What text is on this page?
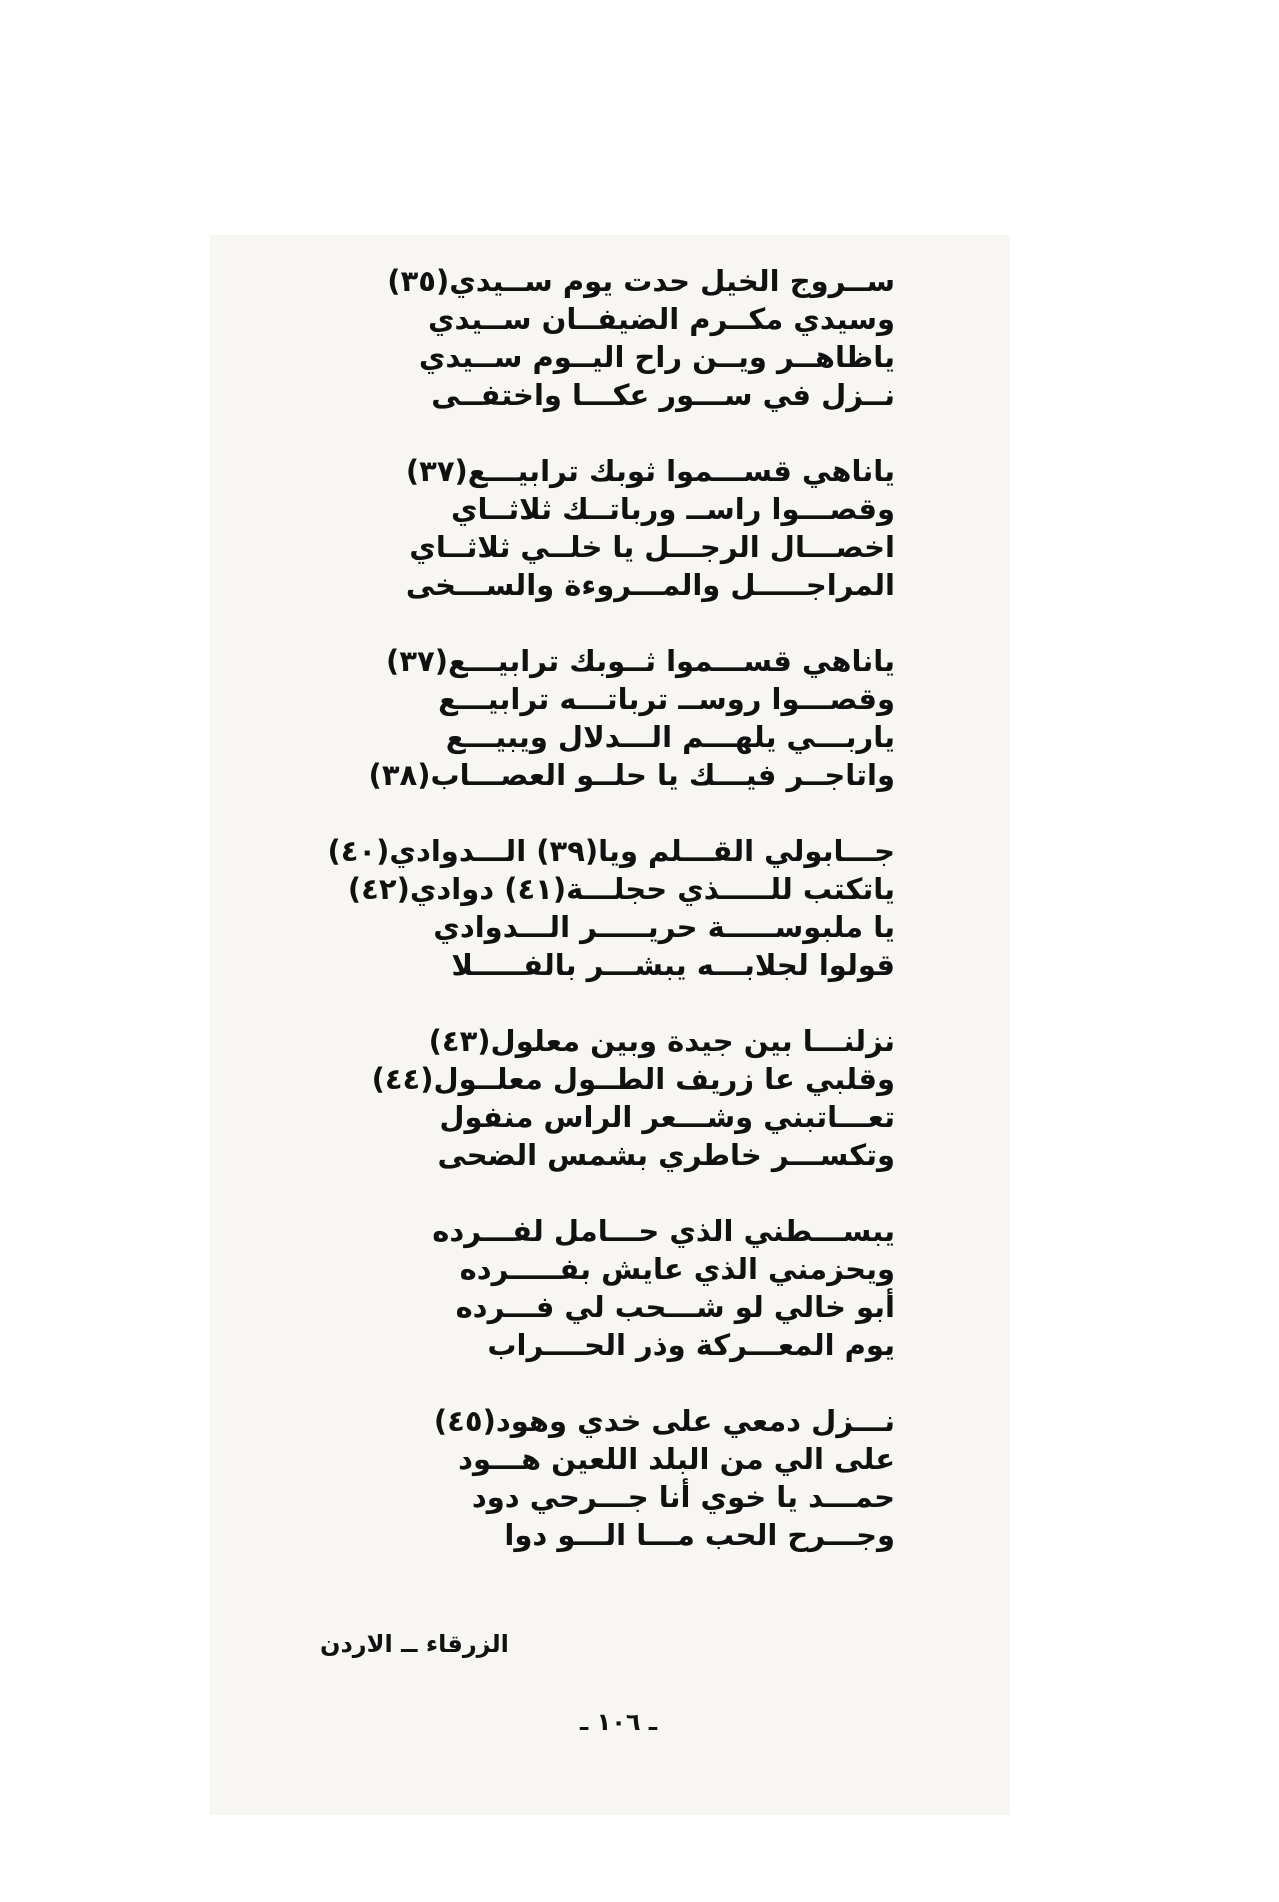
ســروج الخيل حدت يوم ســيدي(٣٥)
وسيدي مكــرم الضيفــان ســيدي
ياظاهــر ويــن راح اليــوم ســيدي
نــزل في ســـور عكـــا واختفــى
ياناهي قســـموا ثوبك ترابيـــع(٣٧)
وقصـــوا راســ ورباتــك ثلاثــاي
اخصـــال الرجـــل يا خلــي ثلاثــاي
المراجـــــل والمـــروءة والســـخى
ياناهي قســـموا ثــوبك ترابيـــع(٣٧)
وقصـــوا روســ ترباتـــه ترابيـــع
ياربـــي يلهـــم الـــدلال ويبيـــع
واتاجــر فيـــك يا حلــو العصـــاب(٣٨)
جـــابولي القـــلم ويا(٣٩) الـــدوادي(٤٠)
ياتكتب للـــــذي حجلـــة(٤١) دوادي(٤٢)
يا ملبوســـــة حريـــــر الـــدوادي
قولوا لجلابـــه يبشـــر بالفـــــلا
نزلنـــا بين جيدة وبين معلول(٤٣)
وقلبي عا زريف الطــول معلــول(٤٤)
تعـــاتبني وشـــعر الراس منفول
وتكســـر خاطري بشمس الضحى
يبســـطني الذي حـــامل لفـــرده
ويحزمني الذي عايش بفـــــرده
أبو خالي لو شـــحب لي فـــرده
يوم المعـــركة وذر الحــــراب
نـــزل دمعي على خدي وهود(٤٥)
على الي من البلد اللعين هـــود
حمـــد يا خوي أنا جـــرحي دود
وجـــرح الحب مـــا الـــو دوا
الزرقاء ــ الاردن
ـ ١٠٦ ـ
